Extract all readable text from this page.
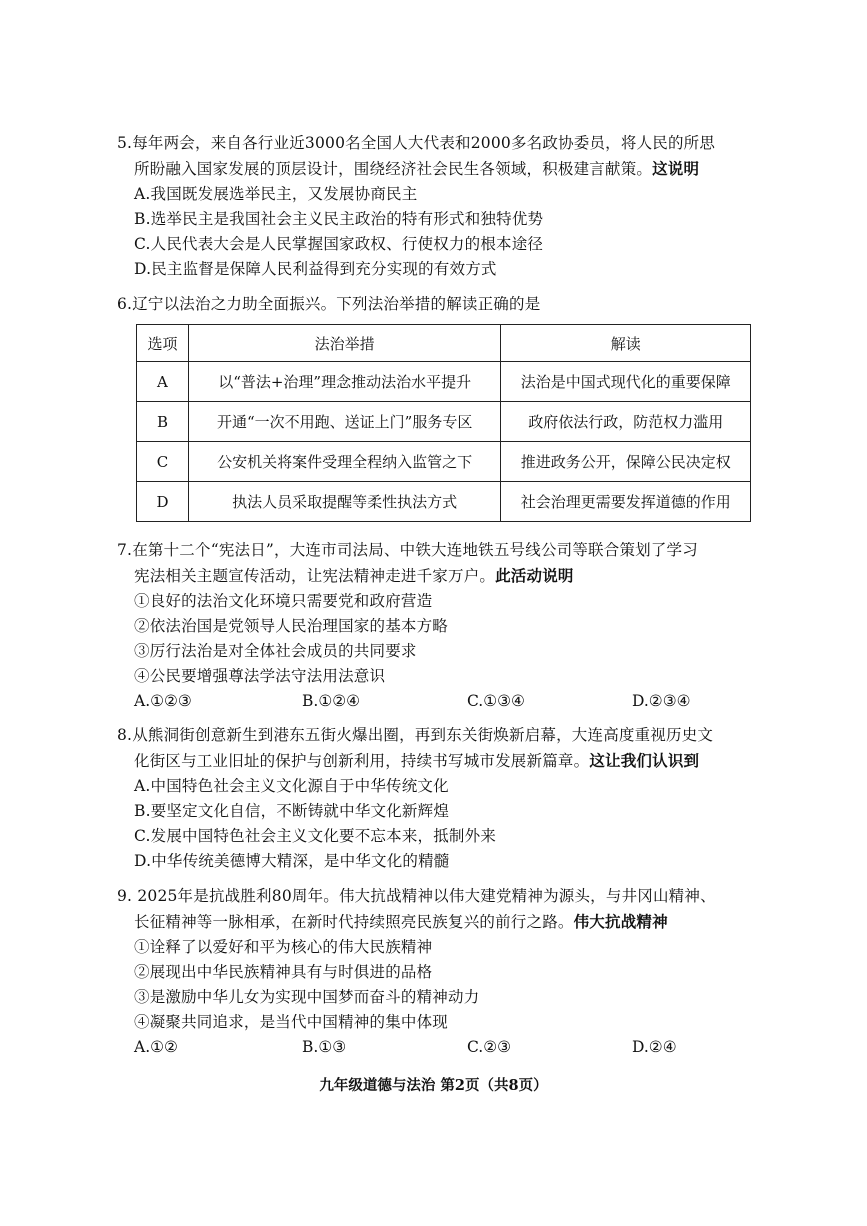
5.每年两会，来自各行业近3000名全国人大代表和2000多名政协委员，将人民的所思
所盼融入国家发展的顶层设计，围绕经济社会民生各领域，积极建言献策。这说明
A.我国既发展选举民主，又发展协商民主
B.选举民主是我国社会主义民主政治的特有形式和独特优势
C.人民代表大会是人民掌握国家政权、行使权力的根本途径
D.民主监督是保障人民利益得到充分实现的有效方式
6.辽宁以法治之力助全面振兴。下列法治举措的解读正确的是
选项	法治举措	解读
A	以“普法+治理”理念推动法治水平提升	法治是中国式现代化的重要保障
B	开通“一次不用跑、送证上门”服务专区	政府依法行政，防范权力滥用
C	公安机关将案件受理全程纳入监管之下	推进政务公开，保障公民决定权
D	执法人员采取提醒等柔性执法方式	社会治理更需要发挥道德的作用
7.在第十二个“宪法日”，大连市司法局、中铁大连地铁五号线公司等联合策划了学习
宪法相关主题宣传活动，让宪法精神走进千家万户。此活动说明
①良好的法治文化环境只需要党和政府营造
②依法治国是党领导人民治理国家的基本方略
③厉行法治是对全体社会成员的共同要求
④公民要增强尊法学法守法用法意识
A.①②③	B.①②④	C.①③④	D.②③④
8.从熊洞街创意新生到港东五街火爆出圈，再到东关街焕新启幕，大连高度重视历史文
化街区与工业旧址的保护与创新利用，持续书写城市发展新篇章。这让我们认识到
A.中国特色社会主义文化源自于中华传统文化
B.要坚定文化自信，不断铸就中华文化新辉煌
C.发展中国特色社会主义文化要不忘本来，抵制外来
D.中华传统美德博大精深，是中华文化的精髓
9. 2025年是抗战胜利80周年。伟大抗战精神以伟大建党精神为源头，与井冈山精神、
长征精神等一脉相承，在新时代持续照亮民族复兴的前行之路。伟大抗战精神
①诠释了以爱好和平为核心的伟大民族精神
②展现出中华民族精神具有与时俱进的品格
③是激励中华儿女为实现中国梦而奋斗的精神动力
④凝聚共同追求，是当代中国精神的集中体现
A.①②	B.①③	C.②③	D.②④
九年级道德与法治 第2页（共8页）
